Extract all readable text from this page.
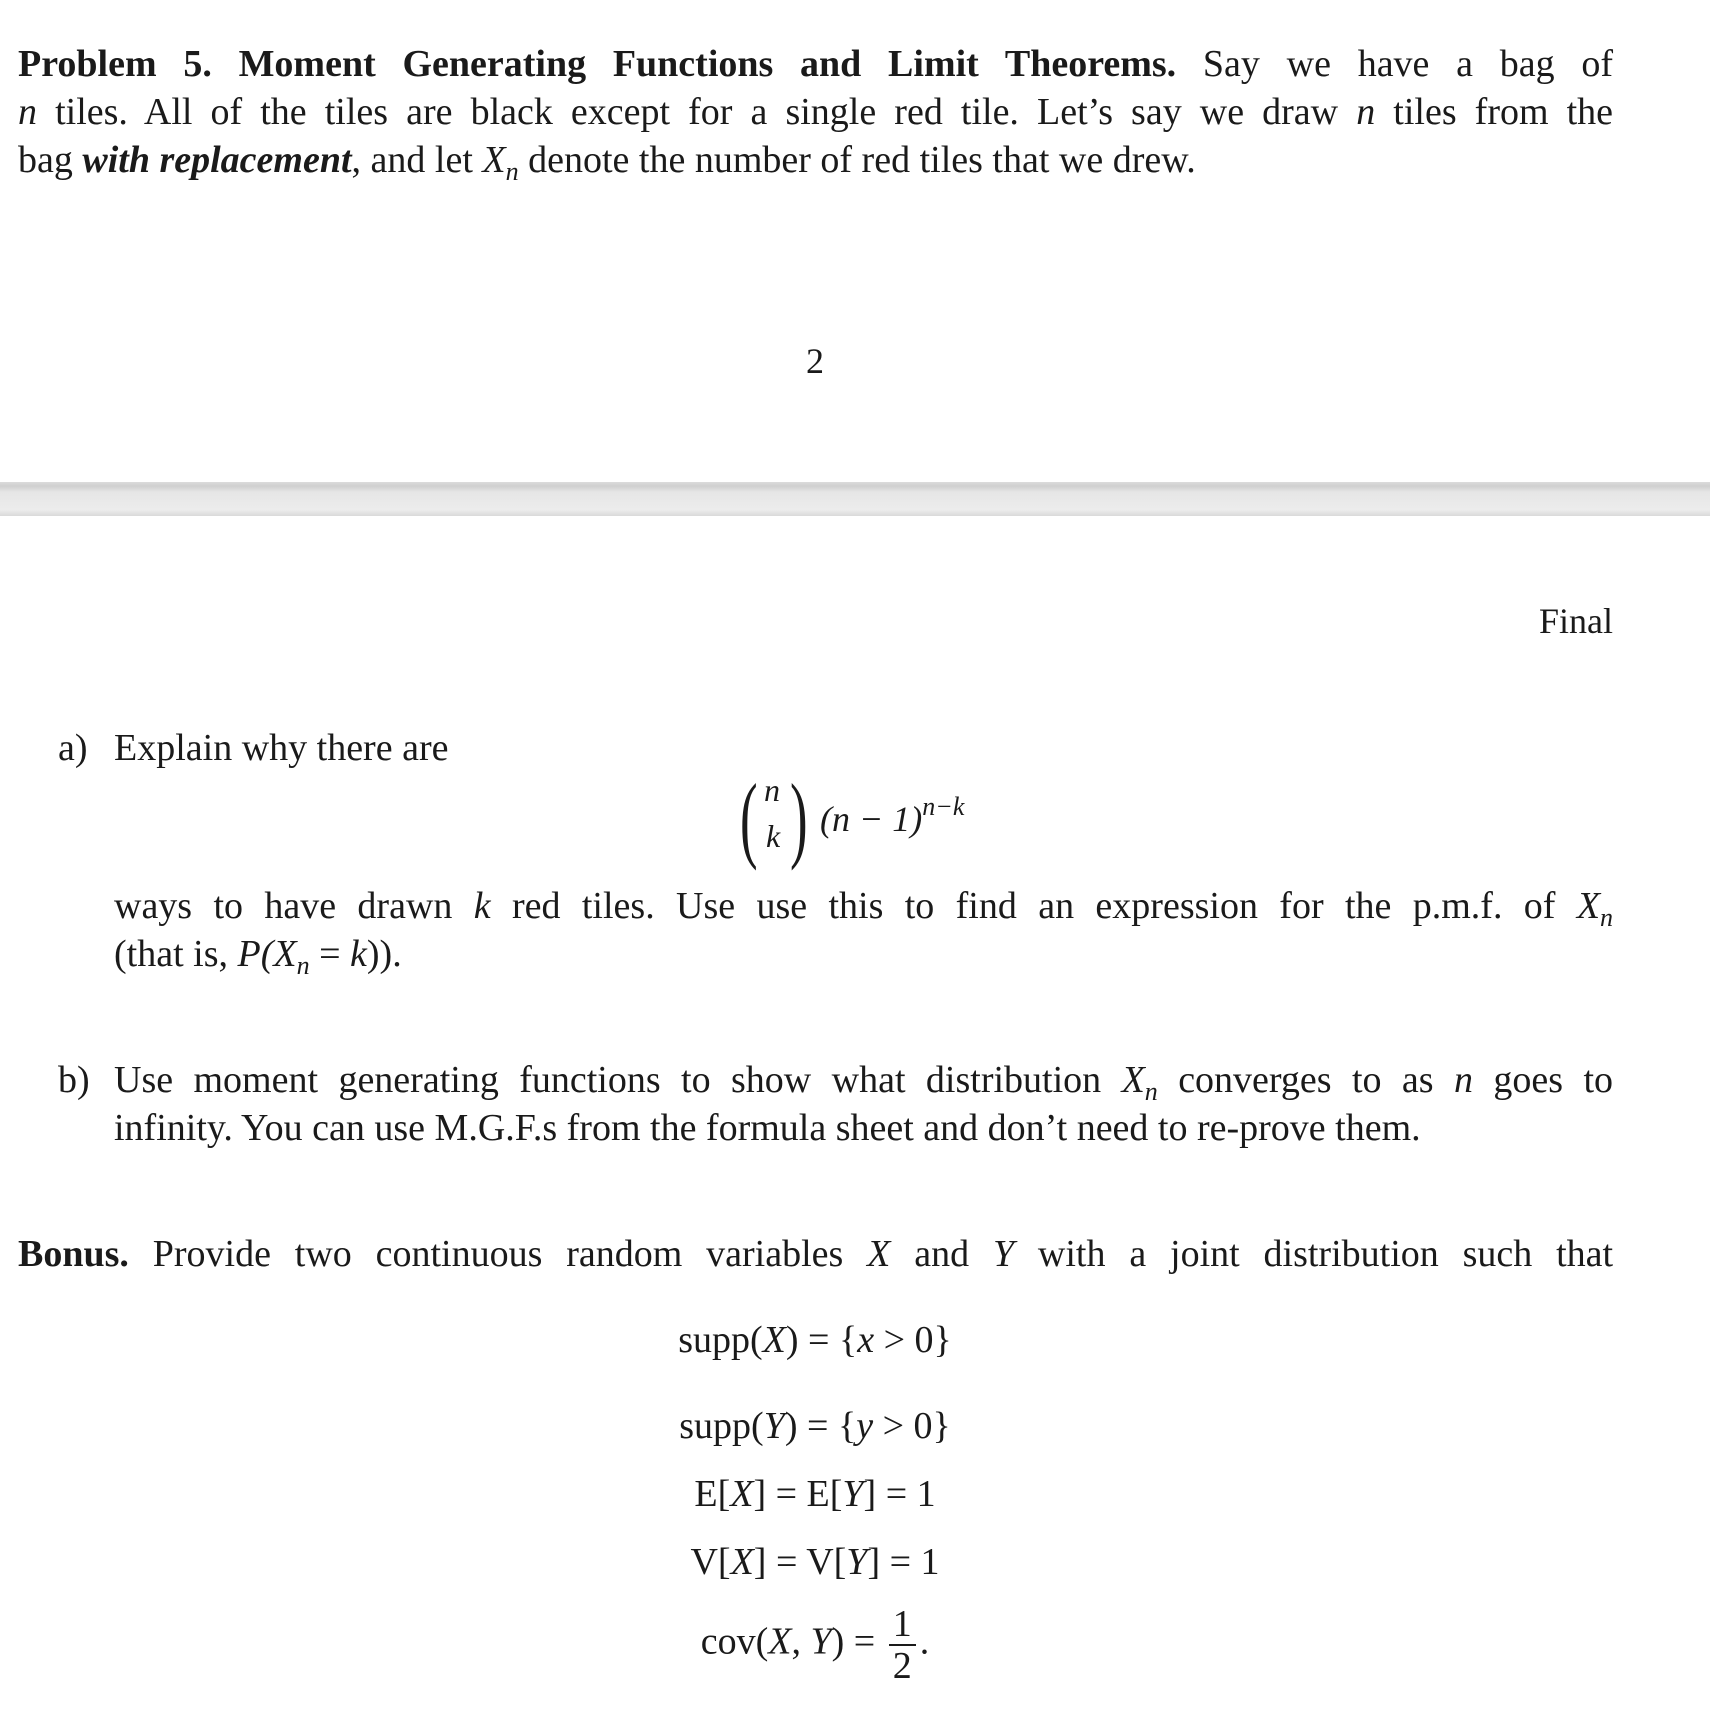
Problem 5. Moment Generating Functions and Limit Theorems. Say we have a bag of
n tiles. All of the tiles are black except for a single red tile. Let’s say we draw n tiles from the
bag with replacement, and let $X_n$ denote the number of red tiles that we drew.
2
Final
a) Explain why there are
( n
k ) $(n - 1)^{n-k}$
ways to have drawn k red tiles. Use use this to find an expression for the p.m.f. of $X_n$
(that is, $P(X_n = k)$).
b) Use moment generating functions to show what distribution $X_n$ converges to as n goes to
infinity. You can use M.G.F.s from the formula sheet and don’t need to re-prove them.
Bonus. Provide two continuous random variables X and Y with a joint distribution such that
supp(X) = {x > 0}
supp(Y) = {y > 0}
E[X] = E[Y] = 1
V[X] = V[Y] = 1
cov(X, $Y) = \frac{1}{2}$ .
